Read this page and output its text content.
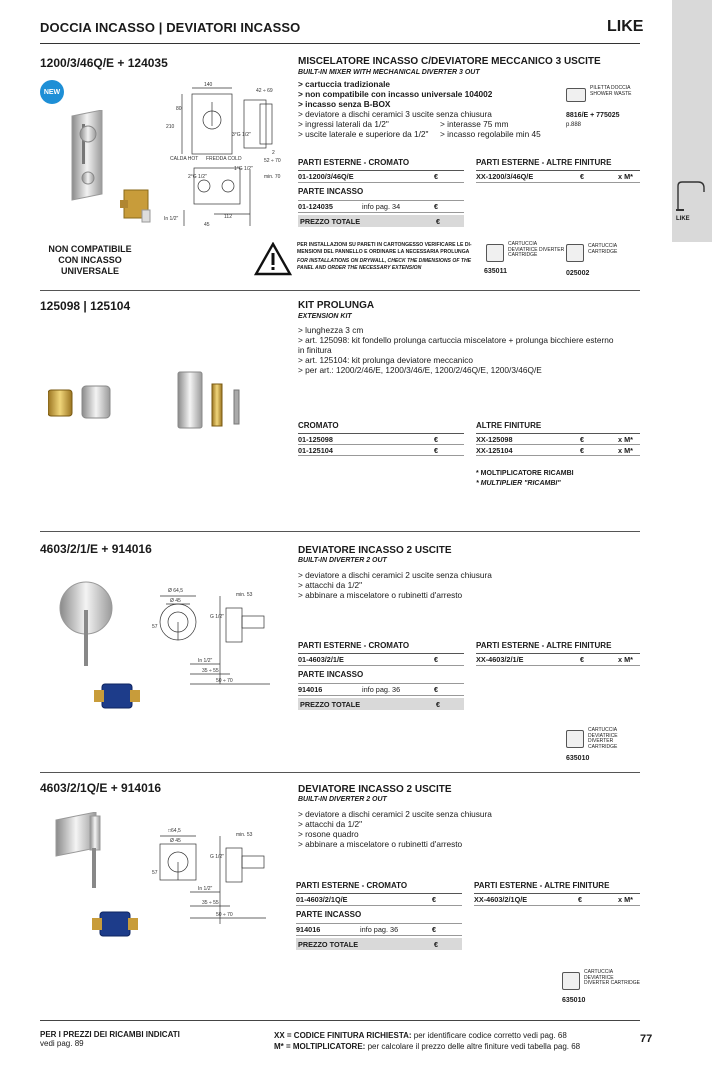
DOCCIA INCASSO | DEVIATORI INCASSO	LIKE
LIKE
1200/3/46Q/E + 124035
NEW
140
42 ÷ 69
210
80
3°G 1/2"
2
52 ÷ 70
min. 70
2°G 1/2"
1°G 1/2"
112
45
CALDA HOT FREDDA COLD
In 1/2"
NON COMPATIBILE
CON INCASSO
UNIVERSALE
MISCELATORE INCASSO C/DEVIATORE MECCANICO 3 USCITE
BUILT-IN MIXER WITH MECHANICAL DIVERTER 3 OUT
> cartuccia tradizionale
> non compatibile con incasso universale 104002
> incasso senza B-BOX
> deviatore a dischi ceramici 3 uscite senza chiusura
> ingressi laterali da 1/2"	> interasse 75 mm
> uscite laterale e superiore da 1/2" > incasso regolabile min 45
PILETTA DOCCIA SHOWER WASTE
8816/E + 775025
p.888
PARTI ESTERNE - CROMATO
01-1200/3/46Q/E	€
PARTE INCASSO
01-124035	info pag. 34	€
PREZZO TOTALE	€
PARTI ESTERNE - ALTRE FINITURE
XX-1200/3/46Q/E	€	x M*
PER INSTALLAZIONI SU PARETI IN CARTONGESSO VERIFICARE LE DI-MENSIONI DEL PANNELLO E ORDINARE LA NECESSARIA PROLUNGA
FOR INSTALLATIONS ON DRYWALL, CHECK THE DIMENSIONS OF THE PANEL AND ORDER THE NECESSARY EXTENSION
CARTUCCIA DEVIATRICE DIVERTER CARTRIDGE
635011
CARTUCCIA CARTRIDGE
025002
125098 | 125104	KIT PROLUNGA
EXTENSION KIT
> lunghezza 3 cm
> art. 125098: kit fondello prolunga cartuccia miscelatore + prolunga bicchiere esterno
in finitura
> art. 125104: kit prolunga deviatore meccanico
> per art.: 1200/2/46/E, 1200/3/46/E, 1200/2/46Q/E, 1200/3/46Q/E
CROMATO
01-125098	€
01-125104	€
ALTRE FINITURE
XX-125098	€	x M*
XX-125104	€	x M*
* MOLTIPLICATORE RICAMBI
* MULTIPLIER "RICAMBI"
4603/2/1/E + 914016
Ø 64,5
Ø 45
min. 53
57
G 1/2"
In 1/2"
35 ÷ 55
50 ÷ 70
DEVIATORE INCASSO 2 USCITE
BUILT-IN DIVERTER 2 OUT
> deviatore a dischi ceramici 2 uscite senza chiusura
> attacchi da 1/2"
> abbinare a miscelatore o rubinetti d'arresto
PARTI ESTERNE - CROMATO
01-4603/2/1/E	€
PARTE INCASSO
914016	info pag. 36	€
PREZZO TOTALE	€
PARTI ESTERNE - ALTRE FINITURE
XX-4603/2/1/E	€	x M*
CARTUCCIA DEVIATRICE DIVERTER CARTRIDGE
635010
4603/2/1Q/E + 914016
□64,5
Ø 45
min. 53
57
G 1/2"
In 1/2"
35 ÷ 55
50 ÷ 70
DEVIATORE INCASSO 2 USCITE
BUILT-IN DIVERTER 2 OUT
> deviatore a dischi ceramici 2 uscite senza chiusura
> attacchi da 1/2"
> rosone quadro
> abbinare a miscelatore o rubinetti d'arresto
PARTI ESTERNE - CROMATO
01-4603/2/1Q/E	€
PARTE INCASSO
914016	info pag. 36	€
PREZZO TOTALE	€
PARTI ESTERNE - ALTRE FINITURE
XX-4603/2/1Q/E	€	x M*
CARTUCCIA DEVIATRICE DIVERTER CARTRIDGE
635010
PER I PREZZI DEI RICAMBI INDICATI
vedi pag. 89
XX = CODICE FINITURA RICHIESTA: per identificare codice corretto vedi pag. 68
M* = MOLTIPLICATORE: per calcolare il prezzo delle altre finiture vedi tabella pag. 68
77
